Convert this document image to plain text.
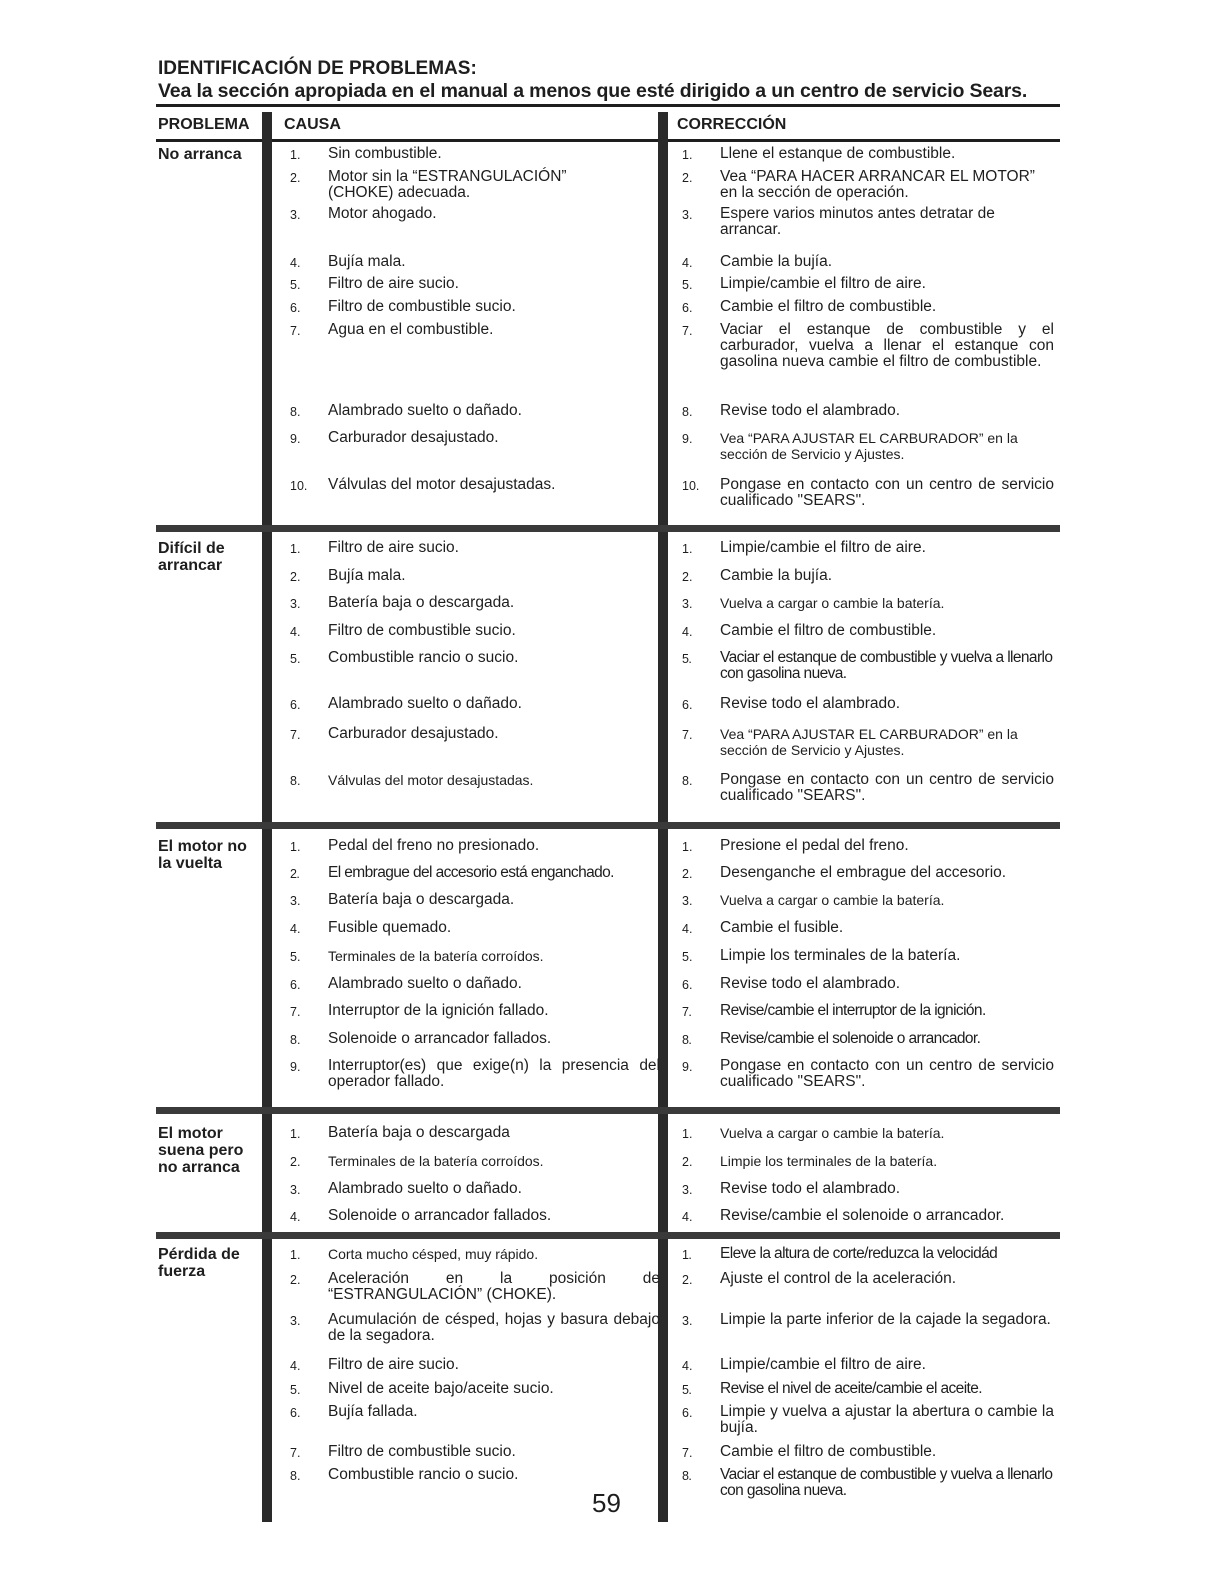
IDENTIFICACIÓN DE PROBLEMAS:
Vea la sección apropiada en el manual a menos que esté dirigido a un centro de servicio Sears.
PROBLEMA CAUSA	CORRECCIÓN
No arranca	1. Sin combustible.	1. Llene el estanque de combustible.
2. Motor sin la “ESTRANGULACIÓN” (CHOKE) adecuada.
2. Vea “PARA HACER ARRANCAR EL MOTOR” en la sección de operación.
3. Motor ahogado.	3. Espere varios minutos antes detratar de arrancar.
4. Bujía mala.	4. Cambie la bujía.
5. Filtro de aire sucio.	5. Limpie/cambie el filtro de aire.
6. Filtro de combustible sucio.	6. Cambie el filtro de combustible.
7. Agua en el combustible.	7. Vaciar el estanque de combustible y el carburador, vuelva a llenar el estanque con gasolina nueva cambie el filtro de combustible.
8. Alambrado suelto o dañado.	8. Revise todo el alambrado.
9. Carburador desajustado.	9. Vea “PARA AJUSTAR EL CARBURADOR” en la sección de Servicio y Ajustes.
10. Válvulas del motor desajustadas.	10. Pongase en contacto con un centro de servicio cualificado "SEARS".
Difícil de arrancar
1. Filtro de aire sucio.	1. Limpie/cambie el filtro de aire.
2. Bujía mala.	2. Cambie la bujía.
3. Batería baja o descargada.	3. Vuelva a cargar o cambie la batería.
4. Filtro de combustible sucio.	4. Cambie el filtro de combustible.
5. Combustible rancio o sucio.	5. Vaciar el estanque de combustible y vuelva a llenarlo con gasolina nueva.
6. Alambrado suelto o dañado.	6. Revise todo el alambrado.
7. Carburador desajustado.	7. Vea “PARA AJUSTAR EL CARBURADOR” en la sección de Servicio y Ajustes.
8. Válvulas del motor desajustadas.	8. Pongase en contacto con un centro de servicio cualificado "SEARS".
El motor no la vuelta
1. Pedal del freno no presionado.	1. Presione el pedal del freno.
2. El embrague del accesorio está enganchado.	2. Desenganche el embrague del accesorio.
3. Batería baja o descargada.	3. Vuelva a cargar o cambie la batería.
4. Fusible quemado.	4. Cambie el fusible.
5. Terminales de la batería corroídos.	5. Limpie los terminales de la batería.
6. Alambrado suelto o dañado.	6. Revise todo el alambrado.
7. Interruptor de la ignición fallado.	7. Revise/cambie el interruptor de la ignición.
8. Solenoide o arrancador fallados.	8. Revise/cambie el solenoide o arrancador.
9. Interruptor(es) que exige(n) la presencia del operador fallado.
9. Pongase en contacto con un centro de servicio cualificado "SEARS".
El motor suena pero no arranca
1. Batería baja o descargada	1. Vuelva a cargar o cambie la batería.
2. Terminales de la batería corroídos.	2. Limpie los terminales de la batería.
3. Alambrado suelto o dañado.	3. Revise todo el alambrado.
4. Solenoide o arrancador fallados.	4. Revise/cambie el solenoide o arrancador.
Pérdida de fuerza
1. Corta mucho césped, muy rápido.	1. Eleve la altura de corte/reduzca la velocidád
2. Aceleración en la posición de “ESTRANGULACIÓN” (CHOKE).
2. Ajuste el control de la aceleración.
3. Acumulación de césped, hojas y basura debajo de la segadora.
3. Limpie la parte inferior de la cajade la segadora.
4. Filtro de aire sucio.	4. Limpie/cambie el filtro de aire.
5. Nivel de aceite bajo/aceite sucio.	5. Revise el nivel de aceite/cambie el aceite.
6. Bujía fallada.	6. Limpie y vuelva a ajustar la abertura o cambie la bujía.
7. Filtro de combustible sucio.	7. Cambie el filtro de combustible.
8. Combustible rancio o sucio.	8. Vaciar el estanque de combustible y vuelva a llenarlo con gasolina nueva.
59
